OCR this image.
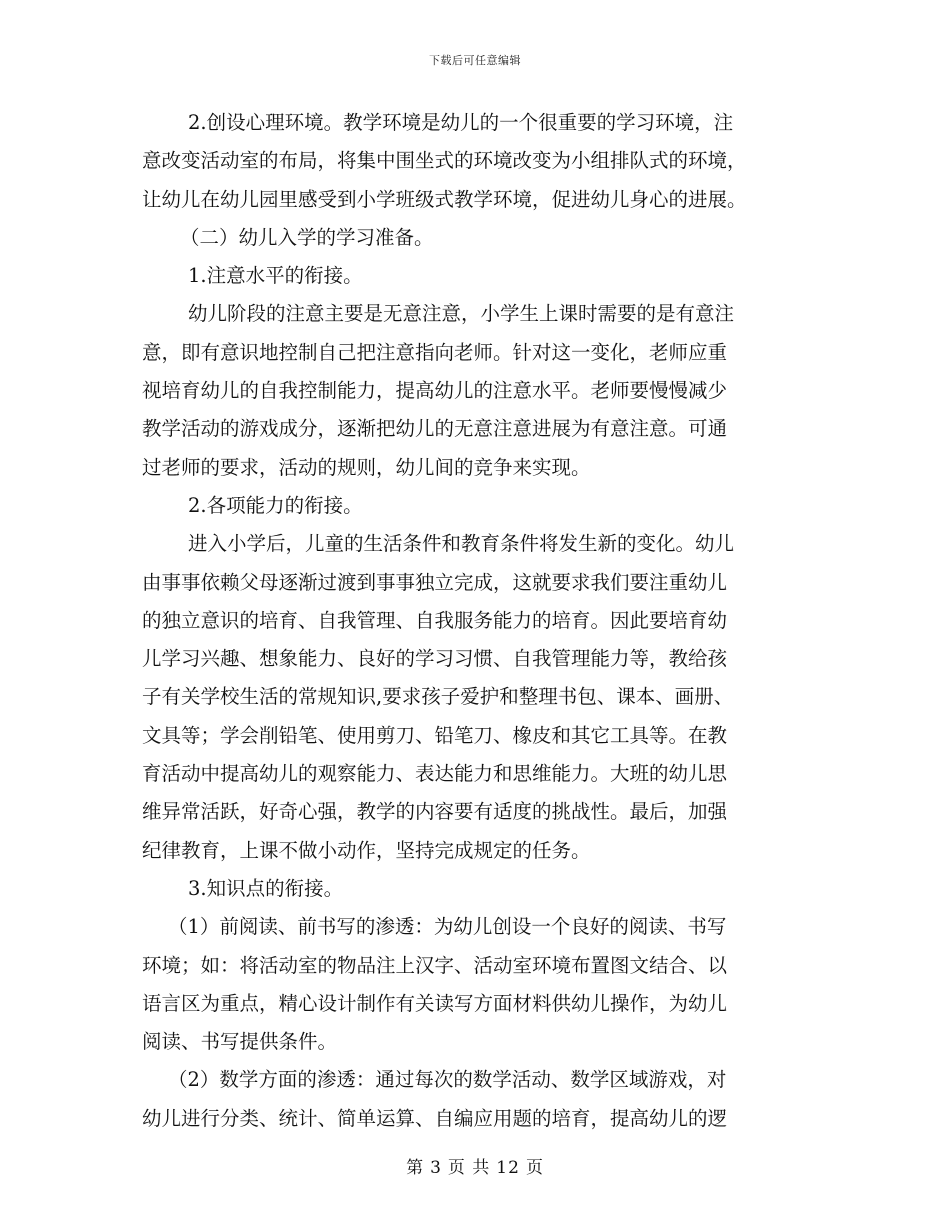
下载后可任意编辑
2.创设心理环境。教学环境是幼儿的一个很重要的学习环境，注
意改变活动室的布局，将集中围坐式的环境改变为小组排队式的环境，
让幼儿在幼儿园里感受到小学班级式教学环境，促进幼儿身心的进展。
（二）幼儿入学的学习准备。
1.注意水平的衔接。
幼儿阶段的注意主要是无意注意，小学生上课时需要的是有意注
意，即有意识地控制自己把注意指向老师。针对这一变化，老师应重
视培育幼儿的自我控制能力，提高幼儿的注意水平。老师要慢慢减少
教学活动的游戏成分，逐渐把幼儿的无意注意进展为有意注意。可通
过老师的要求，活动的规则，幼儿间的竞争来实现。
2.各项能力的衔接。
进入小学后，儿童的生活条件和教育条件将发生新的变化。幼儿
由事事依赖父母逐渐过渡到事事独立完成，这就要求我们要注重幼儿
的独立意识的培育、自我管理、自我服务能力的培育。因此要培育幼
儿学习兴趣、想象能力、良好的学习习惯、自我管理能力等，教给孩
子有关学校生活的常规知识,要求孩子爱护和整理书包、课本、画册、
文具等；学会削铅笔、使用剪刀、铅笔刀、橡皮和其它工具等。在教
育活动中提高幼儿的观察能力、表达能力和思维能力。大班的幼儿思
维异常活跃，好奇心强，教学的内容要有适度的挑战性。最后，加强
纪律教育，上课不做小动作，坚持完成规定的任务。
3.知识点的衔接。
（1）前阅读、前书写的渗透：为幼儿创设一个良好的阅读、书写
环境；如：将活动室的物品注上汉字、活动室环境布置图文结合、以
语言区为重点，精心设计制作有关读写方面材料供幼儿操作，为幼儿
阅读、书写提供条件。
（2）数学方面的渗透：通过每次的数学活动、数学区域游戏，对
幼儿进行分类、统计、简单运算、自编应用题的培育，提高幼儿的逻
第 3 页 共 12 页
